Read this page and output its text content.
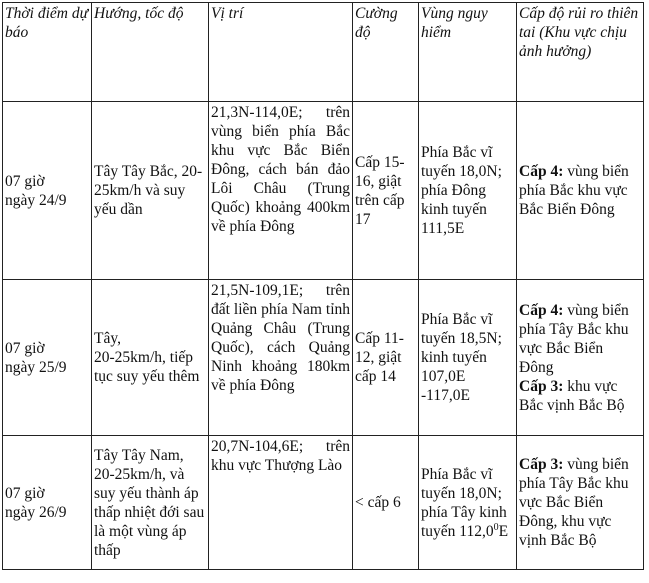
Thời điểm dự báo	Hướng, tốc độ	Vị trí	Cường độ	Vùng nguy hiểm	Cấp độ rủi ro thiên tai (Khu vực chịu ảnh hưởng)

07 giờ
ngày 24/9	Tây Tây Bắc, 20-25km/h và suy yếu dần	21,3N-114,0E; trên vùng biển phía Bắc khu vực Bắc Biển Đông, cách bán đảo Lôi Châu (Trung Quốc) khoảng 400km về phía Đông	Cấp 15-16, giật trên cấp 17	Phía Bắc vĩ tuyến 18,0N; phía Đông kinh tuyến 111,5E	Cấp 4: vùng biển phía Bắc khu vực Bắc Biển Đông

07 giờ
ngày 25/9	Tây,
20-25km/h, tiếp tục suy yếu thêm	21,5N-109,1E; trên đất liền phía Nam tỉnh Quảng Châu (Trung Quốc), cách Quảng Ninh khoảng 180km về phía Đông	Cấp 11-12, giật cấp 14	Phía Bắc vĩ tuyến 18,5N; kinh tuyến 107,0E -117,0E	Cấp 4: vùng biển phía Tây Bắc khu vực Bắc Biển Đông
Cấp 3: khu vực Bắc vịnh Bắc Bộ

07 giờ
ngày 26/9	Tây Tây Nam, 20-25km/h, và suy yếu thành áp thấp nhiệt đới sau là một vùng áp thấp	20,7N-104,6E; trên khu vực Thượng Lào	< cấp 6	Phía Bắc vĩ tuyến 18,0N; phía Tây kinh tuyến 112,0$^0$E	Cấp 3: vùng biển phía Tây Bắc khu vực Bắc Biển Đông, khu vực vịnh Bắc Bộ
